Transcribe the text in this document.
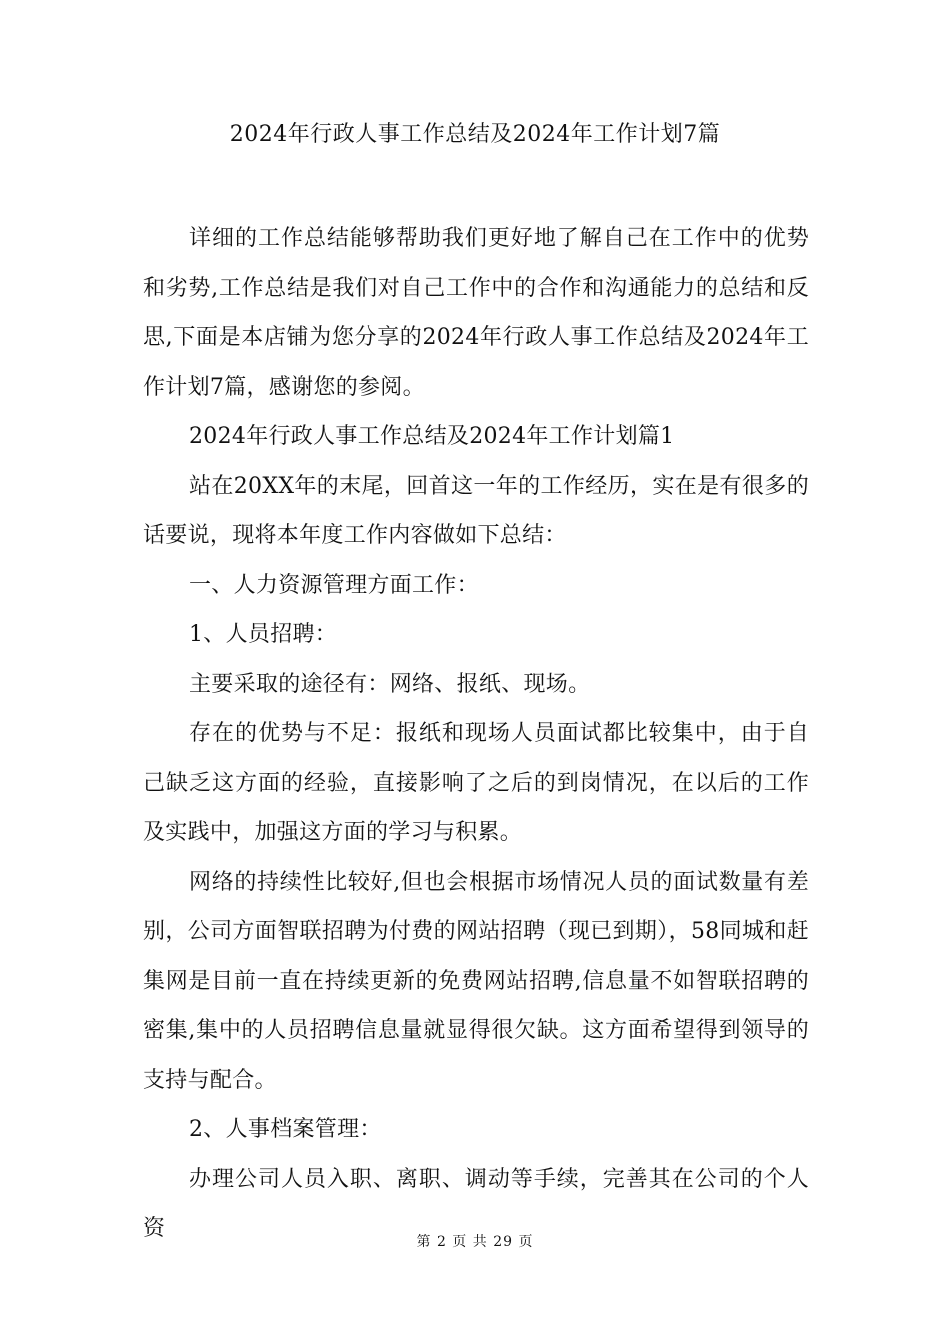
2024年行政人事工作总结及2024年工作计划7篇

详细的工作总结能够帮助我们更好地了解自己在工作中的优势和劣势,工作总结是我们对自己工作中的合作和沟通能力的总结和反思,下面是本店铺为您分享的2024年行政人事工作总结及2024年工作计划7篇，感谢您的参阅。

2024年行政人事工作总结及2024年工作计划篇1

站在20XX年的末尾，回首这一年的工作经历，实在是有很多的话要说，现将本年度工作内容做如下总结：

一、人力资源管理方面工作：

1、人员招聘：

主要采取的途径有：网络、报纸、现场。

存在的优势与不足：报纸和现场人员面试都比较集中，由于自己缺乏这方面的经验，直接影响了之后的到岗情况，在以后的工作及实践中，加强这方面的学习与积累。

网络的持续性比较好,但也会根据市场情况人员的面试数量有差别，公司方面智联招聘为付费的网站招聘（现已到期），58同城和赶集网是目前一直在持续更新的免费网站招聘,信息量不如智联招聘的密集,集中的人员招聘信息量就显得很欠缺。这方面希望得到领导的支持与配合。

2、人事档案管理：

办理公司人员入职、离职、调动等手续，完善其在公司的个人资

第 2 页 共 29 页
